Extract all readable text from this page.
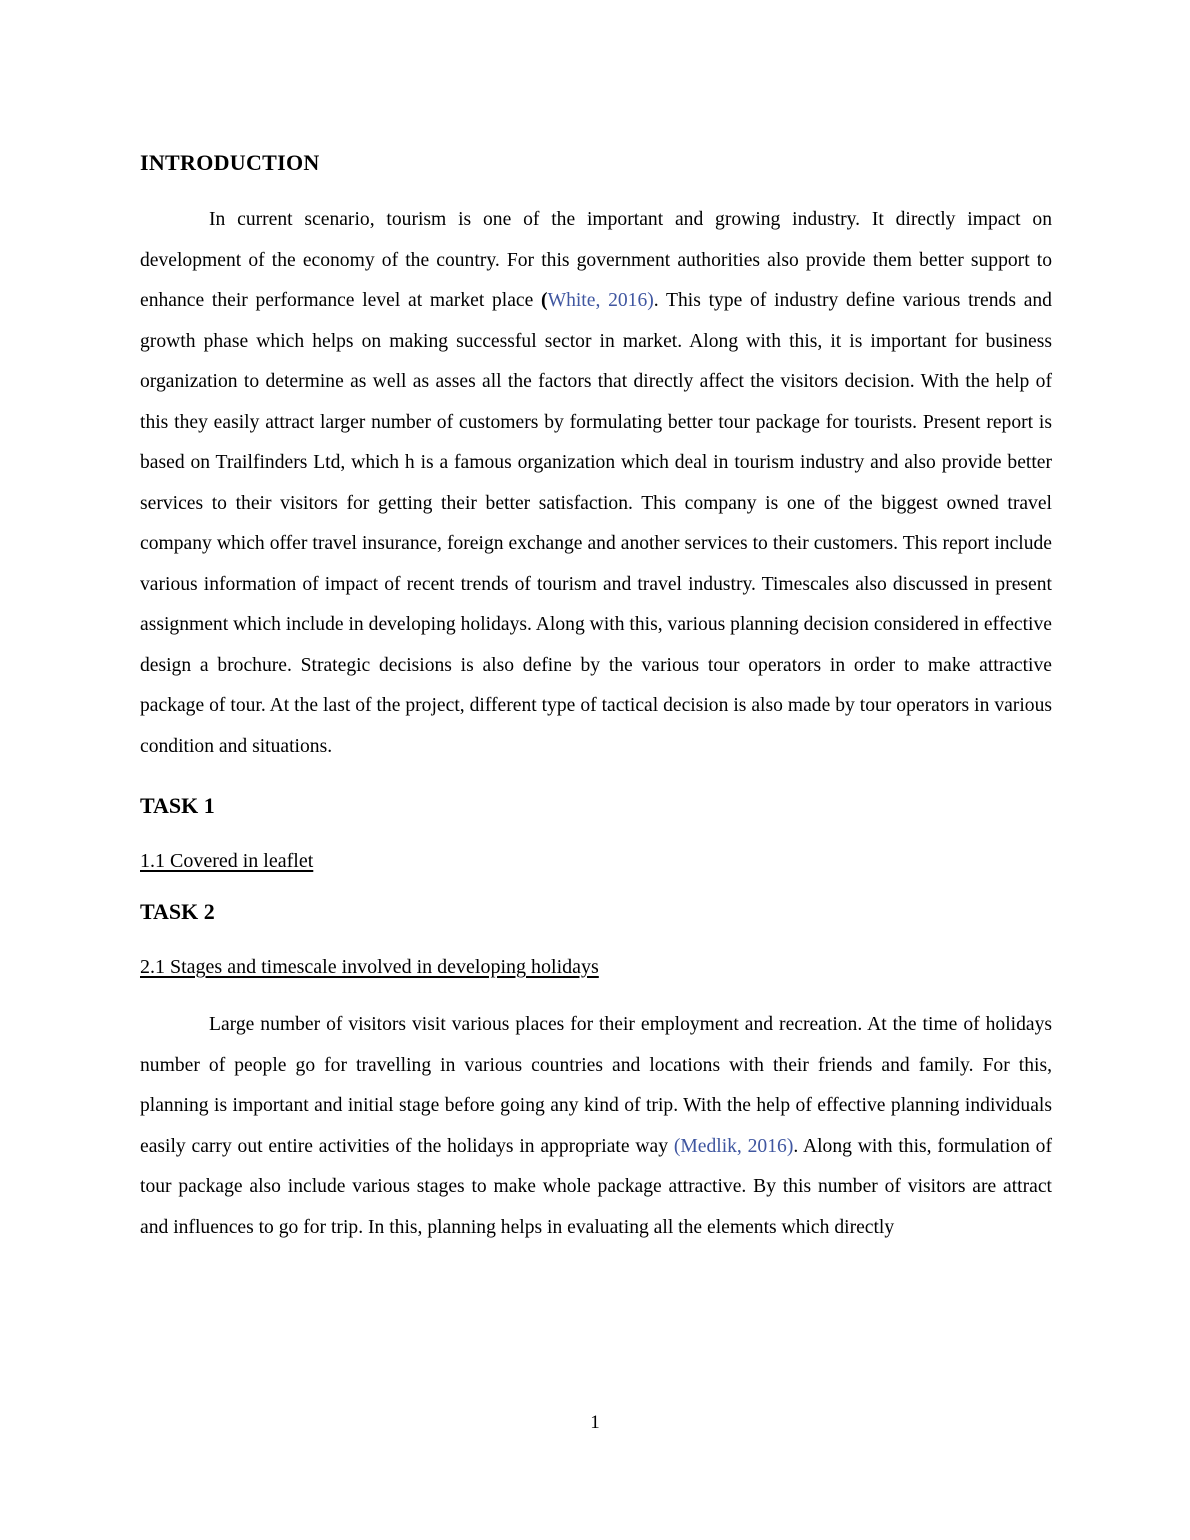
INTRODUCTION

In current scenario, tourism is one of the important and growing industry. It directly impact on development of the economy of the country. For this government authorities also provide them better support to enhance their performance level at market place (White, 2016). This type of industry define various trends and growth phase which helps on making successful sector in market. Along with this, it is important for business organization to determine as well as asses all the factors that directly affect the visitors decision. With the help of this they easily attract larger number of customers by formulating better tour package for tourists. Present report is based on Trailfinders Ltd, which h is a famous organization which deal in tourism industry and also provide better services to their visitors for getting their better satisfaction. This company is one of the biggest owned travel company which offer travel insurance, foreign exchange and another services to their customers. This report include various information of impact of recent trends of tourism and travel industry. Timescales also discussed in present assignment which include in developing holidays. Along with this, various planning decision considered in effective design a brochure. Strategic decisions is also define by the various tour operators in order to make attractive package of tour. At the last of the project, different type of tactical decision is also made by tour operators in various condition and situations.

TASK 1

1.1 Covered in leaflet

TASK 2

2.1 Stages and timescale involved in developing holidays

Large number of visitors visit various places for their employment and recreation. At the time of holidays number of people go for travelling in various countries and locations with their friends and family. For this, planning is important and initial stage before going any kind of trip. With the help of effective planning individuals easily carry out entire activities of the holidays in appropriate way (Medlik, 2016). Along with this, formulation of tour package also include various stages to make whole package attractive. By this number of visitors are attract and influences to go for trip. In this, planning helps in evaluating all the elements which directly

1
